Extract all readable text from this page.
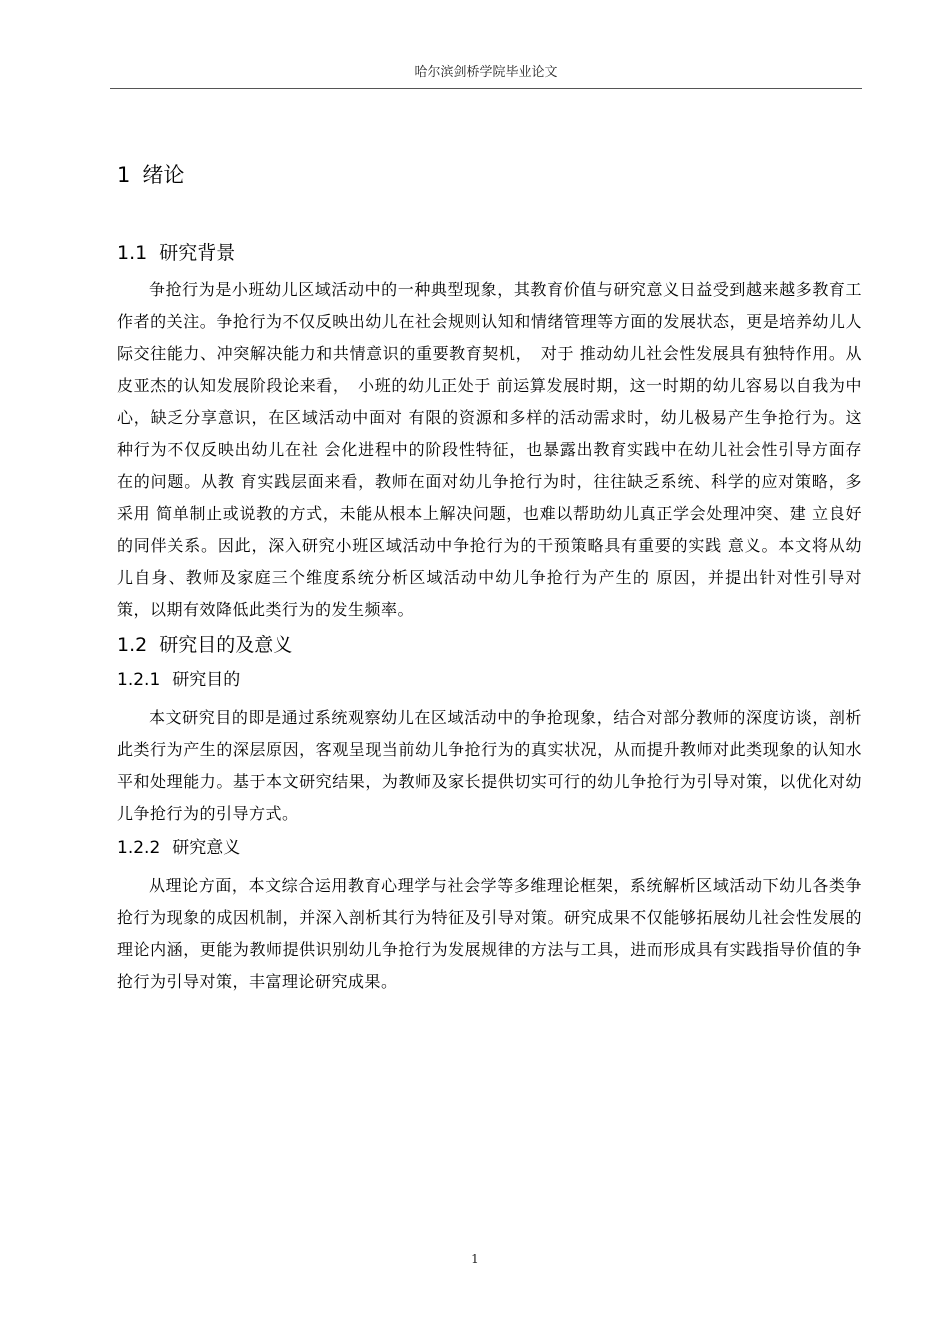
哈尔滨剑桥学院毕业论文
1 绪论
1.1 研究背景

争抢行为是小班幼儿区域活动中的一种典型现象，其教育价值与研究意义日益受到越来越多教育工作者的关注。争抢行为不仅反映出幼儿在社会规则认知和情绪管理等方面的发展状态，更是培养幼儿人际交往能力、冲突解决能力和共情意识的重要教育契机，　对于 推动幼儿社会性发展具有独特作用。从皮亚杰的认知发展阶段论来看，　小班的幼儿正处于 前运算发展时期，这一时期的幼儿容易以自我为中心，缺乏分享意识，在区域活动中面对 有限的资源和多样的活动需求时，幼儿极易产生争抢行为。这种行为不仅反映出幼儿在社 会化进程中的阶段性特征，也暴露出教育实践中在幼儿社会性引导方面存在的问题。从教 育实践层面来看，教师在面对幼儿争抢行为时，往往缺乏系统、科学的应对策略，多采用 简单制止或说教的方式，未能从根本上解决问题，也难以帮助幼儿真正学会处理冲突、建 立良好的同伴关系。因此，深入研究小班区域活动中争抢行为的干预策略具有重要的实践 意义。本文将从幼儿自身、教师及家庭三个维度系统分析区域活动中幼儿争抢行为产生的 原因，并提出针对性引导对策，以期有效降低此类行为的发生频率。

1.2 研究目的及意义
1.2.1 研究目的

本文研究目的即是通过系统观察幼儿在区域活动中的争抢现象，结合对部分教师的深度访谈，剖析此类行为产生的深层原因，客观呈现当前幼儿争抢行为的真实状况，从而提升教师对此类现象的认知水平和处理能力。基于本文研究结果，为教师及家长提供切实可行的幼儿争抢行为引导对策，以优化对幼儿争抢行为的引导方式。

1.2.2 研究意义

从理论方面，本文综合运用教育心理学与社会学等多维理论框架，系统解析区域活动下幼儿各类争抢行为现象的成因机制，并深入剖析其行为特征及引导对策。研究成果不仅能够拓展幼儿社会性发展的理论内涵，更能为教师提供识别幼儿争抢行为发展规律的方法与工具，进而形成具有实践指导价值的争抢行为引导对策，丰富理论研究成果。

1
